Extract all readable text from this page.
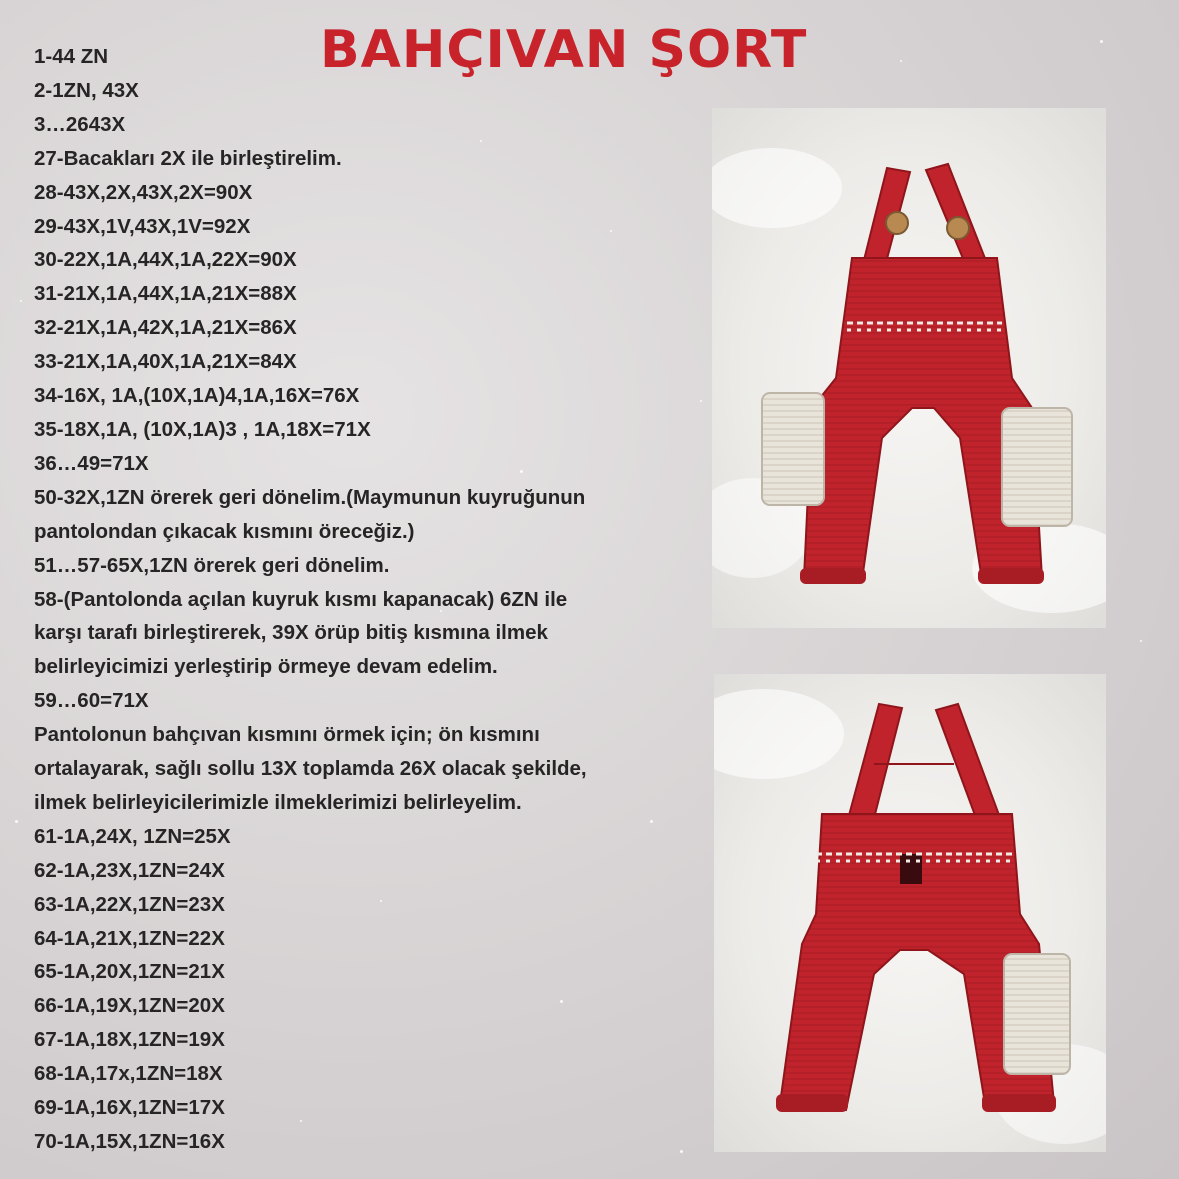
BAHÇIVAN ŞORT
1-44 ZN
2-1ZN, 43X
3…2643X
27-Bacakları 2X ile birleştirelim.
28-43X,2X,43X,2X=90X
29-43X,1V,43X,1V=92X
30-22X,1A,44X,1A,22X=90X
31-21X,1A,44X,1A,21X=88X
32-21X,1A,42X,1A,21X=86X
33-21X,1A,40X,1A,21X=84X
34-16X, 1A,(10X,1A)4,1A,16X=76X
35-18X,1A, (10X,1A)3 , 1A,18X=71X
36…49=71X
50-32X,1ZN örerek geri dönelim.(Maymunun kuyruğunun
pantolondan çıkacak kısmını öreceğiz.)
51…57-65X,1ZN örerek geri dönelim.
58-(Pantolonda açılan kuyruk kısmı kapanacak) 6ZN ile
karşı tarafı birleştirerek, 39X örüp bitiş kısmına ilmek
belirleyicimizi yerleştirip örmeye devam edelim.
59…60=71X
Pantolonun bahçıvan kısmını örmek için; ön kısmını
ortalayarak, sağlı sollu 13X toplamda 26X olacak şekilde,
ilmek belirleyicilerimizle ilmeklerimizi belirleyelim.
61-1A,24X, 1ZN=25X
62-1A,23X,1ZN=24X
63-1A,22X,1ZN=23X
64-1A,21X,1ZN=22X
65-1A,20X,1ZN=21X
66-1A,19X,1ZN=20X
67-1A,18X,1ZN=19X
68-1A,17x,1ZN=18X
69-1A,16X,1ZN=17X
70-1A,15X,1ZN=16X
